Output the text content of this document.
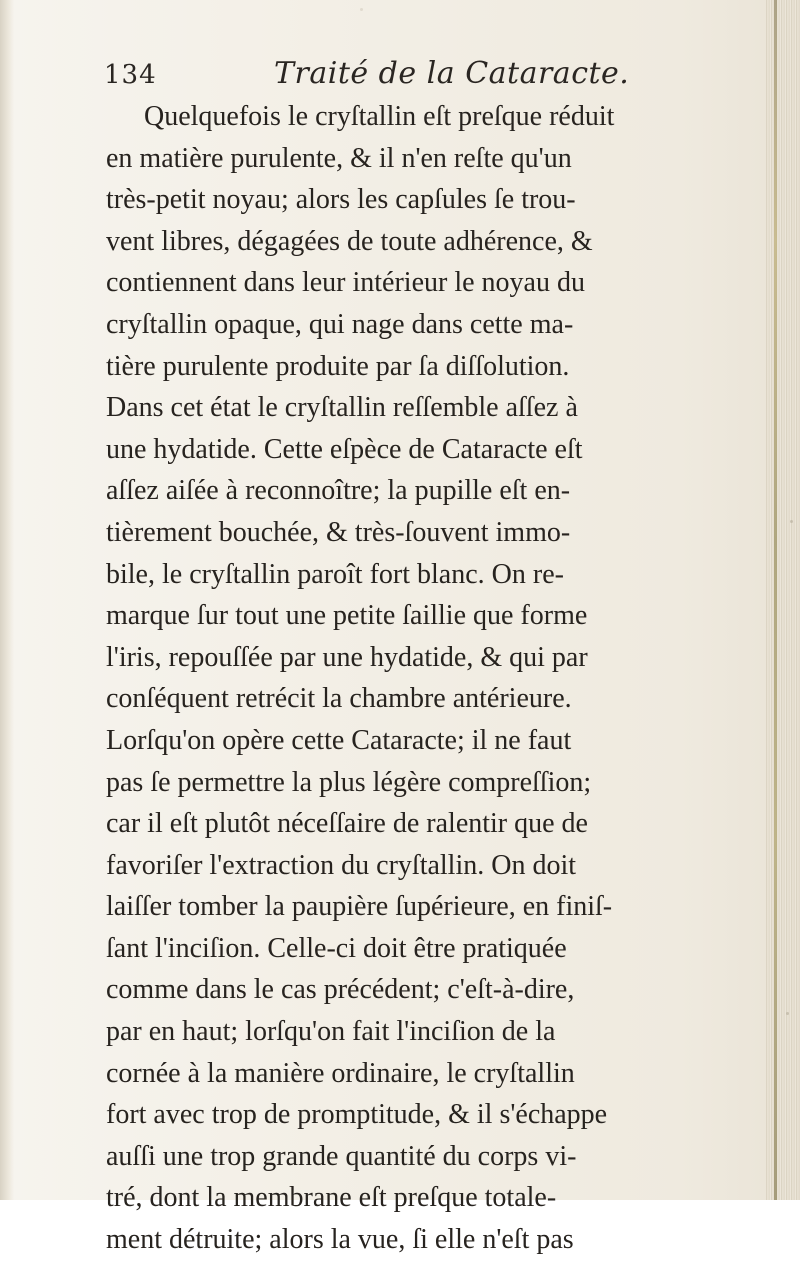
134	Traité de la Cataracte.
Quelquefois le cryſtallin eſt preſque réduit
en matière purulente, & il n'en reſte qu'un
très-petit noyau; alors les capſules ſe trou-
vent libres, dégagées de toute adhérence, &
contiennent dans leur intérieur le noyau du
cryſtallin opaque, qui nage dans cette ma-
tière purulente produite par ſa diſſolution.
Dans cet état le cryſtallin reſſemble aſſez à
une hydatide. Cette eſpèce de Cataracte eſt
aſſez aiſée à reconnoître; la pupille eſt en-
tièrement bouchée, & très-ſouvent immo-
bile, le cryſtallin paroît fort blanc. On re-
marque ſur tout une petite ſaillie que forme
l'iris, repouſſée par une hydatide, & qui par
conſéquent retrécit la chambre antérieure.
Lorſqu'on opère cette Cataracte; il ne faut
pas ſe permettre la plus légère compreſſion;
car il eſt plutôt néceſſaire de ralentir que de
favoriſer l'extraction du cryſtallin. On doit
laiſſer tomber la paupière ſupérieure, en finiſ-
ſant l'inciſion. Celle-ci doit être pratiquée
comme dans le cas précédent; c'eſt-à-dire,
par en haut; lorſqu'on fait l'inciſion de la
cornée à la manière ordinaire, le cryſtallin
fort avec trop de promptitude, & il s'échappe
auſſi une trop grande quantité du corps vi-
tré, dont la membrane eſt preſque totale-
ment détruite; alors la vue, ſi elle n'eſt pas
